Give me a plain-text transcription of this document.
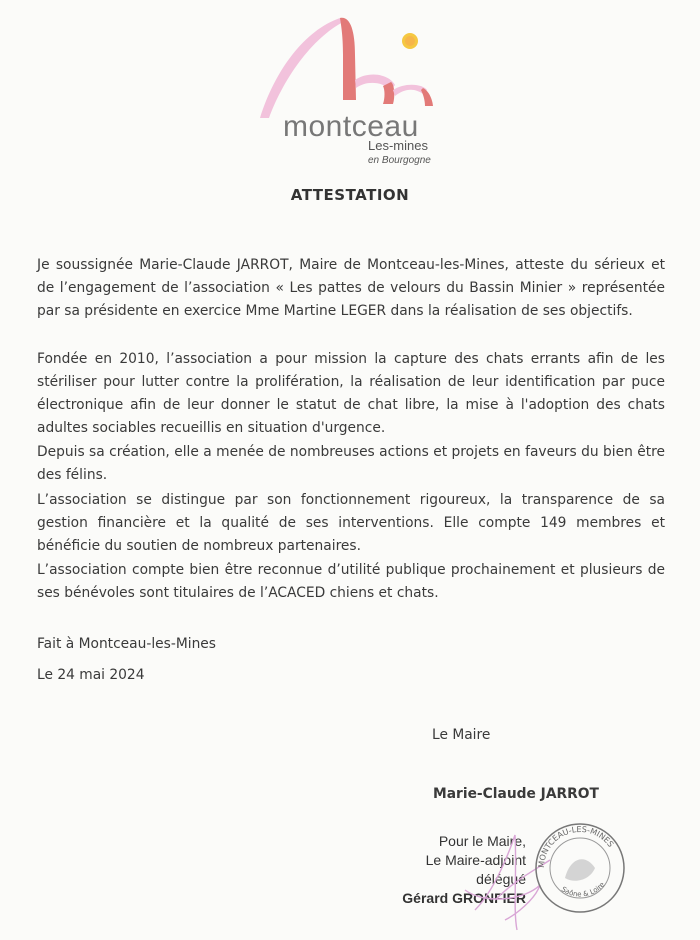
montceau
Les-mines
en Bourgogne
ATTESTATION
Je soussignée Marie-Claude JARROT, Maire de Montceau-les-Mines, atteste du sérieux et de l’engagement de l’association « Les pattes de velours du Bassin Minier » représentée par sa présidente en exercice Mme Martine LEGER dans la réalisation de ses objectifs.
Fondée en 2010, l’association a pour mission la capture des chats errants afin de les stériliser pour lutter contre la prolifération, la réalisation de leur identification par puce électronique afin de leur donner le statut de chat libre, la mise à l'adoption des chats adultes sociables recueillis en situation d'urgence.
Depuis sa création, elle a menée de nombreuses actions et projets en faveurs du bien être des félins.
L’association se distingue par son fonctionnement rigoureux, la transparence de sa gestion financière et la qualité de ses interventions. Elle compte 149 membres et bénéficie du soutien de nombreux partenaires.
L’association compte bien être reconnue d’utilité publique prochainement et plusieurs de ses bénévoles sont titulaires de l’ACACED chiens et chats.
Fait à Montceau-les-Mines
Le 24 mai 2024
Le Maire
Marie-Claude JARROT
Pour le Maire,
Le Maire-adjoint délégué
Gérard GRONFIER
MONTCEAU-LES-MINES
Saône & Loire
